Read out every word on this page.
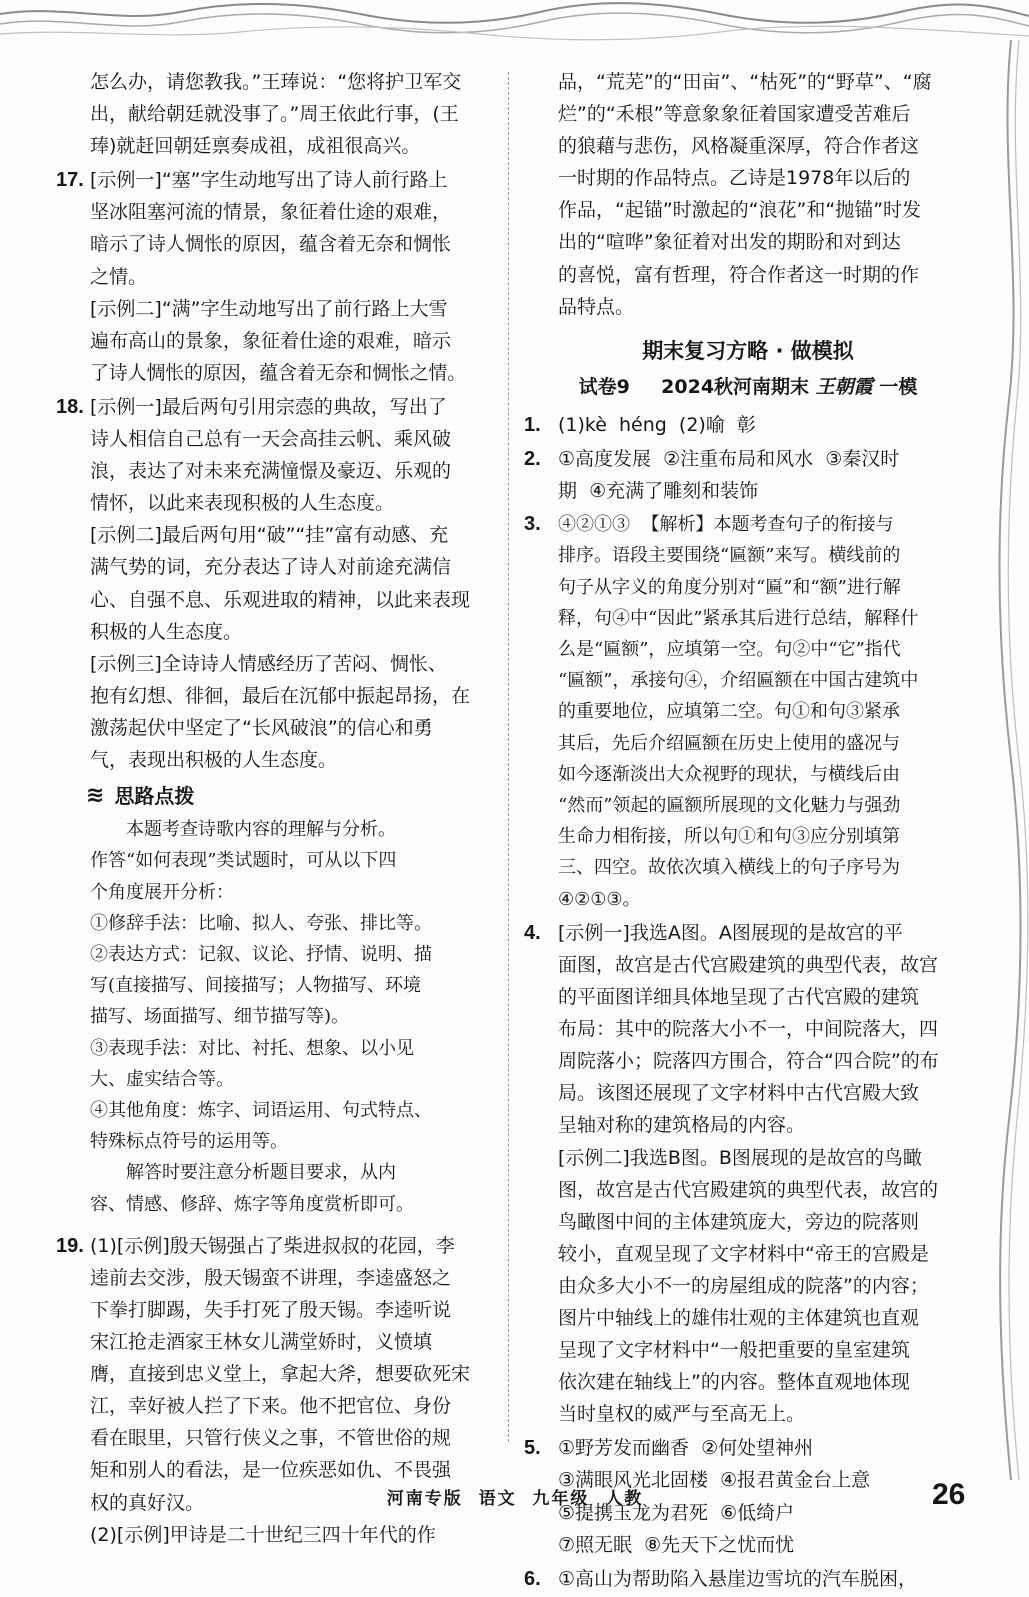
怎么办，请您教我。”王琫说：“您将护卫军交

出，献给朝廷就没事了。”周王依此行事，(王

琫)就赶回朝廷禀奏成祖，成祖很高兴。

17. [示例一]“塞”字生动地写出了诗人前行路上

坚冰阻塞河流的情景，象征着仕途的艰难，

暗示了诗人惆怅的原因，蕴含着无奈和惆怅

之情。

[示例二]“满”字生动地写出了前行路上大雪

遍布高山的景象，象征着仕途的艰难，暗示

了诗人惆怅的原因，蕴含着无奈和惆怅之情。

18. [示例一]最后两句引用宗悫的典故，写出了

诗人相信自己总有一天会高挂云帆、乘风破

浪，表达了对未来充满憧憬及豪迈、乐观的

情怀，以此来表现积极的人生态度。

[示例二]最后两句用“破”“挂”富有动感、充

满气势的词，充分表达了诗人对前途充满信

心、自强不息、乐观进取的精神，以此来表现

积极的人生态度。

[示例三]全诗诗人情感经历了苦闷、惆怅、

抱有幻想、徘徊，最后在沉郁中振起昂扬，在

激荡起伏中坚定了“长风破浪”的信心和勇

气，表现出积极的人生态度。

≋ 思路点拨

本题考查诗歌内容的理解与分析。

作答“如何表现”类试题时，可从以下四

个角度展开分析：

①修辞手法：比喻、拟人、夸张、排比等。

②表达方式：记叙、议论、抒情、说明、描

写(直接描写、间接描写；人物描写、环境

描写、场面描写、细节描写等)。

③表现手法：对比、衬托、想象、以小见

大、虚实结合等。

④其他角度：炼字、词语运用、句式特点、

特殊标点符号的运用等。

解答时要注意分析题目要求，从内

容、情感、修辞、炼字等角度赏析即可。

19. (1)[示例]殷天锡强占了柴进叔叔的花园，李

逵前去交涉，殷天锡蛮不讲理，李逵盛怒之

下拳打脚踢，失手打死了殷天锡。李逵听说

宋江抢走酒家王林女儿满堂娇时，义愤填

膺，直接到忠义堂上，拿起大斧，想要砍死宋

江，幸好被人拦了下来。他不把官位、身份

看在眼里，只管行侠义之事，不管世俗的规

矩和别人的看法，是一位疾恶如仇、不畏强

权的真好汉。

(2)[示例]甲诗是二十世纪三四十年代的作

品，“荒芜”的“田亩”、“枯死”的“野草”、“腐

烂”的“禾根”等意象象征着国家遭受苦难后

的狼藉与悲伤，风格凝重深厚，符合作者这

一时期的作品特点。乙诗是1978年以后的

作品，“起锚”时激起的“浪花”和“抛锚”时发

出的“喧哗”象征着对出发的期盼和对到达

的喜悦，富有哲理，符合作者这一时期的作

品特点。

期末复习方略 · 做模拟
试卷9 2024秋河南期末 王朝霞 一模
1. (1)kè  héng  (2)喻  彰

2. ①高度发展  ②注重布局和风水  ③秦汉时

期  ④充满了雕刻和装饰

3. ④②①③  【解析】本题考查句子的衔接与

排序。语段主要围绕“匾额”来写。横线前的

句子从字义的角度分别对“匾”和“额”进行解

释，句④中“因此”紧承其后进行总结，解释什

么是“匾额”，应填第一空。句②中“它”指代

“匾额”，承接句④，介绍匾额在中国古建筑中

的重要地位，应填第二空。句①和句③紧承

其后，先后介绍匾额在历史上使用的盛况与

如今逐渐淡出大众视野的现状，与横线后由

“然而”领起的匾额所展现的文化魅力与强劲

生命力相衔接，所以句①和句③应分别填第

三、四空。故依次填入横线上的句子序号为

④②①③。

4. [示例一]我选A图。A图展现的是故宫的平

面图，故宫是古代宫殿建筑的典型代表，故宫

的平面图详细具体地呈现了古代宫殿的建筑

布局：其中的院落大小不一，中间院落大，四

周院落小；院落四方围合，符合“四合院”的布

局。该图还展现了文字材料中古代宫殿大致

呈轴对称的建筑格局的内容。

[示例二]我选B图。B图展现的是故宫的鸟瞰

图，故宫是古代宫殿建筑的典型代表，故宫的

鸟瞰图中间的主体建筑庞大，旁边的院落则

较小，直观呈现了文字材料中“帝王的宫殿是

由众多大小不一的房屋组成的院落”的内容；

图片中轴线上的雄伟壮观的主体建筑也直观

呈现了文字材料中“一般把重要的皇室建筑

依次建在轴线上”的内容。整体直观地体现

当时皇权的威严与至高无上。

5. ①野芳发而幽香  ②何处望神州

③满眼风光北固楼  ④报君黄金台上意

⑤提携玉龙为君死  ⑥低绮户

⑦照无眠  ⑧先天下之忧而忧

6. ①高山为帮助陷入悬崖边雪坑的汽车脱困，

河南专版  语文  九年级  人教	26
